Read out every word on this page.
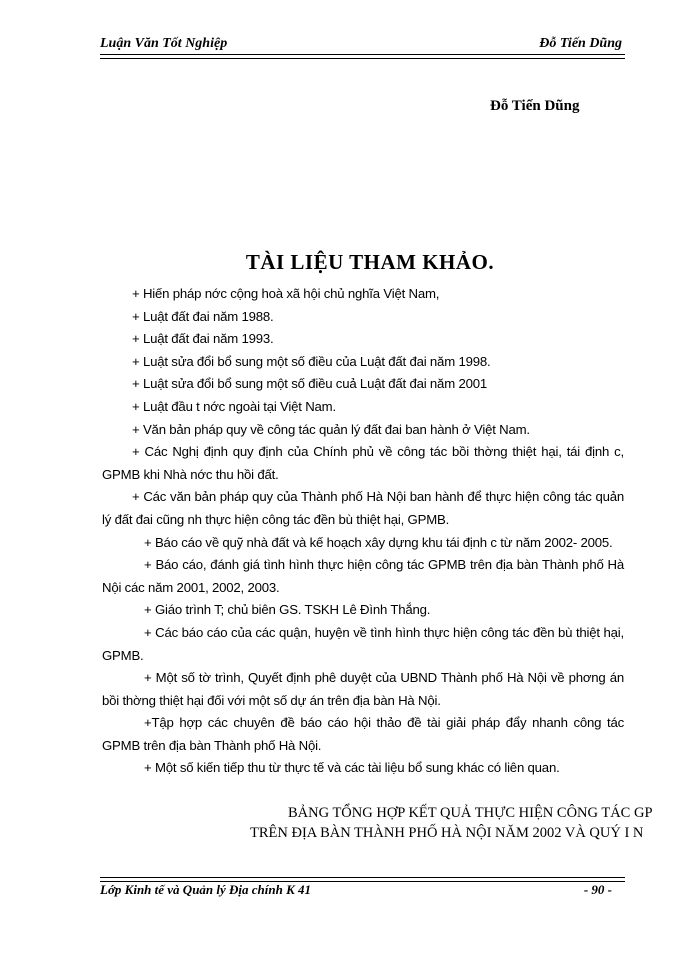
Luận Văn Tốt Nghiệp	Đỗ Tiến Dũng
Đỗ Tiến Dũng
TÀI LIỆU THAM KHẢO.

+ Hiến pháp nớc cộng hoà xã hội chủ nghĩa Việt Nam,

+ Luật đất đai năm 1988.

+ Luật đất đai năm 1993.

+ Luật sửa đổi bổ sung một số điều của Luật đất đai năm 1998.

+ Luật sửa đổi bổ sung một số điều cuả Luật đất đai năm 2001

+ Luật đầu t nớc ngoài tại Việt Nam.

+ Văn bản pháp quy về công tác quản lý đất đai ban hành ở Việt Nam.

+ Các Nghị định quy định của Chính phủ về công tác bồi thờng thiệt hại, tái định c, GPMB khi Nhà nớc thu hồi đất.

+ Các văn bản pháp quy của Thành phố Hà Nội ban hành để thực hiện công tác quản lý đất đai cũng nh thực hiện công tác đền bù thiệt hại, GPMB.

+ Báo cáo về quỹ nhà đất và kế hoạch xây dựng khu tái định c từ năm 2002- 2005.

+ Báo cáo, đánh giá tình hình thực hiện công tác GPMB trên địa bàn Thành phố Hà Nội các năm 2001, 2002, 2003.

+ Giáo trình T; chủ biên GS. TSKH Lê Đình Thắng.

+ Các báo cáo của các quận, huyện về tình hình thực hiện công tác đền bù thiệt hại, GPMB.

+ Một số tờ trình, Quyết định phê duyệt của UBND Thành phố Hà Nội về phơng án bồi thờng thiệt hại đối với một số dự án trên địa bàn Hà Nội.

+Tập hợp các chuyên đề báo cáo hội thảo đề tài giải pháp đẩy nhanh công tác GPMB trên địa bàn Thành phố Hà Nội.

+ Một số kiến tiếp thu từ thực tế và các tài liệu bổ sung khác có liên quan.

BẢNG TỔNG HỢP KẾT QUẢ THỰC HIỆN CÔNG TÁC GP
TRÊN ĐỊA BÀN THÀNH PHỐ HÀ NỘI NĂM 2002 VÀ QUÝ I N
Lớp Kinh tế và Quản lý Địa chính K 41	- 90 -
